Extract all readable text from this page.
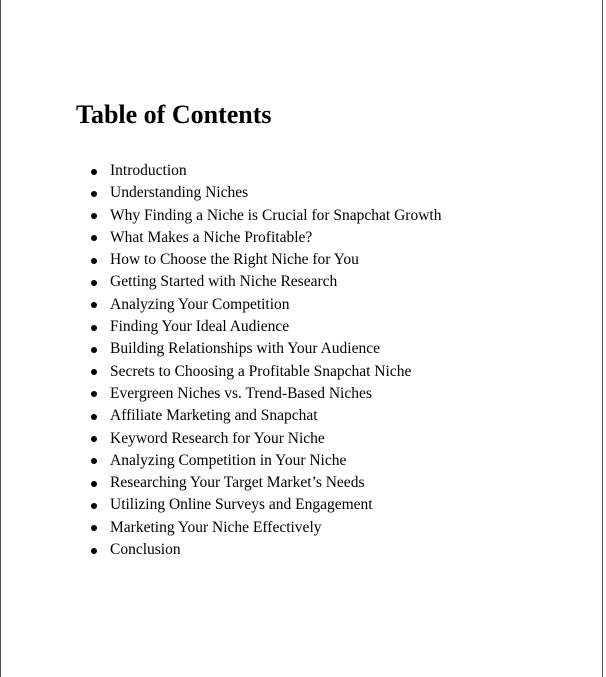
Table of Contents
Introduction
Understanding Niches
Why Finding a Niche is Crucial for Snapchat Growth
What Makes a Niche Profitable?
How to Choose the Right Niche for You
Getting Started with Niche Research
Analyzing Your Competition
Finding Your Ideal Audience
Building Relationships with Your Audience
Secrets to Choosing a Profitable Snapchat Niche
Evergreen Niches vs. Trend-Based Niches
Affiliate Marketing and Snapchat
Keyword Research for Your Niche
Analyzing Competition in Your Niche
Researching Your Target Market’s Needs
Utilizing Online Surveys and Engagement
Marketing Your Niche Effectively
Conclusion
